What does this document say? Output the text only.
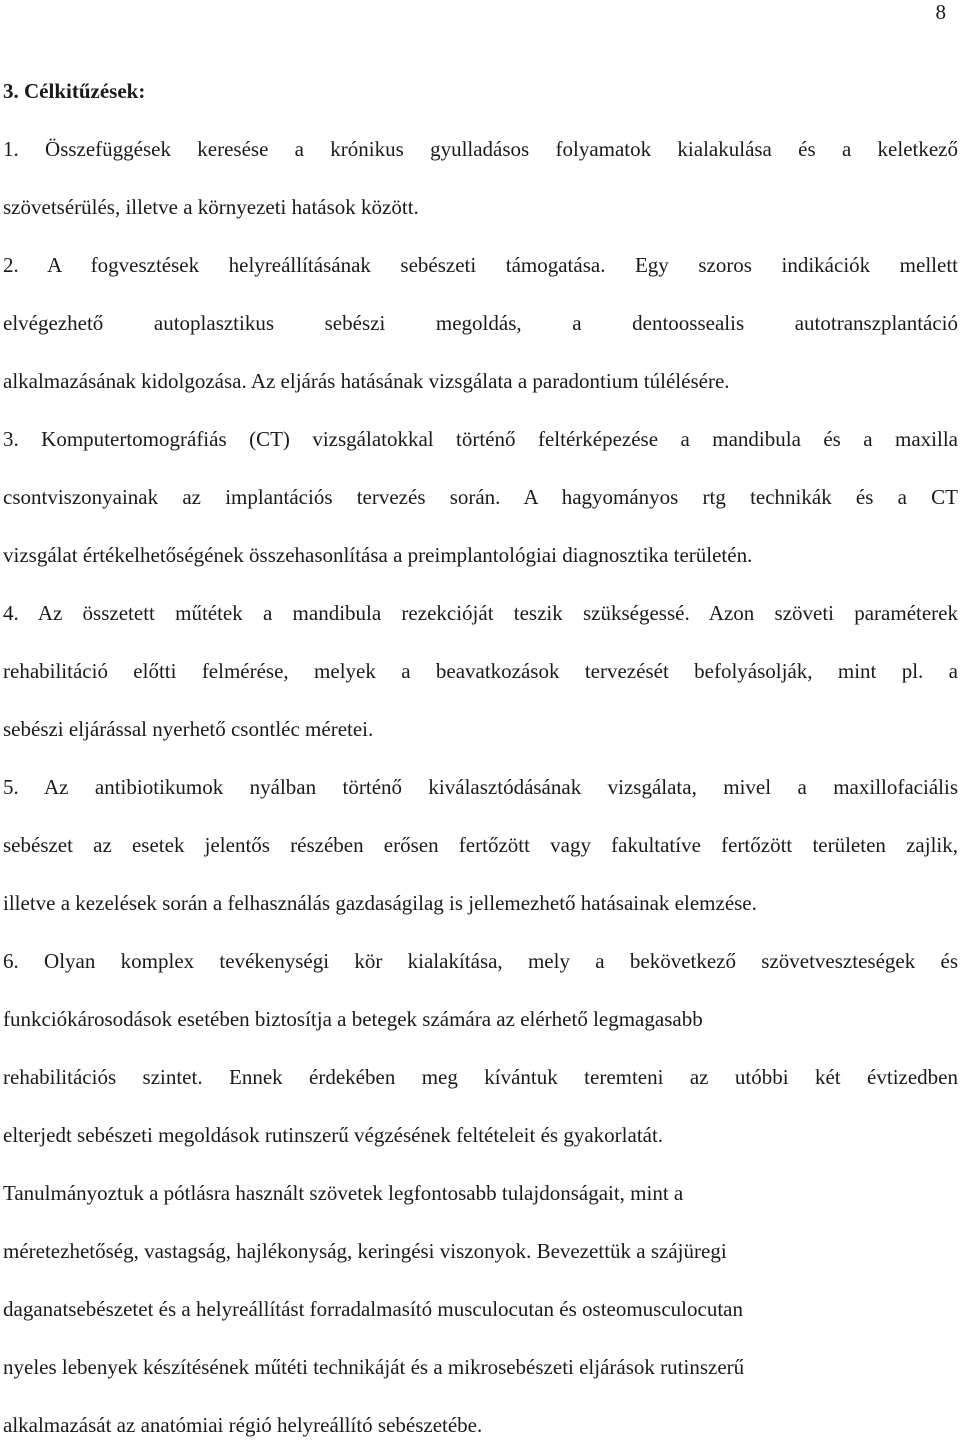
8
3. Célkitűzések:
1. Összefüggések keresése a krónikus gyulladásos folyamatok kialakulása és a keletkező
szövetsérülés, illetve a környezeti hatások között.
2. A fogvesztések helyreállításának sebészeti támogatása. Egy szoros indikációk mellett
elvégezhető autoplasztikus sebészi megoldás, a dentoossealis autotranszplantáció
alkalmazásának kidolgozása. Az eljárás hatásának vizsgálata a paradontium túlélésére.
3. Komputertomográfiás (CT) vizsgálatokkal történő feltérképezése a mandibula és a maxilla
csontviszonyainak az implantációs tervezés során. A hagyományos rtg technikák és a CT
vizsgálat értékelhetőségének összehasonlítása a preimplantológiai diagnosztika területén.
4. Az összetett műtétek a mandibula rezekcióját teszik szükségessé. Azon szöveti paraméterek
rehabilitáció előtti felmérése, melyek a beavatkozások tervezését befolyásolják, mint pl. a
sebészi eljárással nyerhető csontléc méretei.
5. Az antibiotikumok nyálban történő kiválasztódásának vizsgálata, mivel a maxillofaciális
sebészet az esetek jelentős részében erősen fertőzött vagy fakultatíve fertőzött területen zajlik,
illetve a kezelések során a felhasználás gazdaságilag is jellemezhető hatásainak elemzése.
6. Olyan komplex tevékenységi kör kialakítása, mely a bekövetkező szövetveszteségek és
funkciókárosodások esetében biztosítja a betegek számára az elérhető legmagasabb
rehabilitációs szintet. Ennek érdekében meg kívántuk teremteni az utóbbi két évtizedben
elterjedt sebészeti megoldások rutinszerű végzésének feltételeit és gyakorlatát.
Tanulmányoztuk a pótlásra használt szövetek legfontosabb tulajdonságait, mint a
méretezhetőség, vastagság, hajlékonyság, keringési viszonyok. Bevezettük a szájüregi
daganatsebészetet és a helyreállítást forradalmasító musculocutan és osteomusculocutan
nyeles lebenyek készítésének műtéti technikáját és a mikrosebészeti eljárások rutinszerű
alkalmazását az anatómiai régió helyreállító sebészetébe.
